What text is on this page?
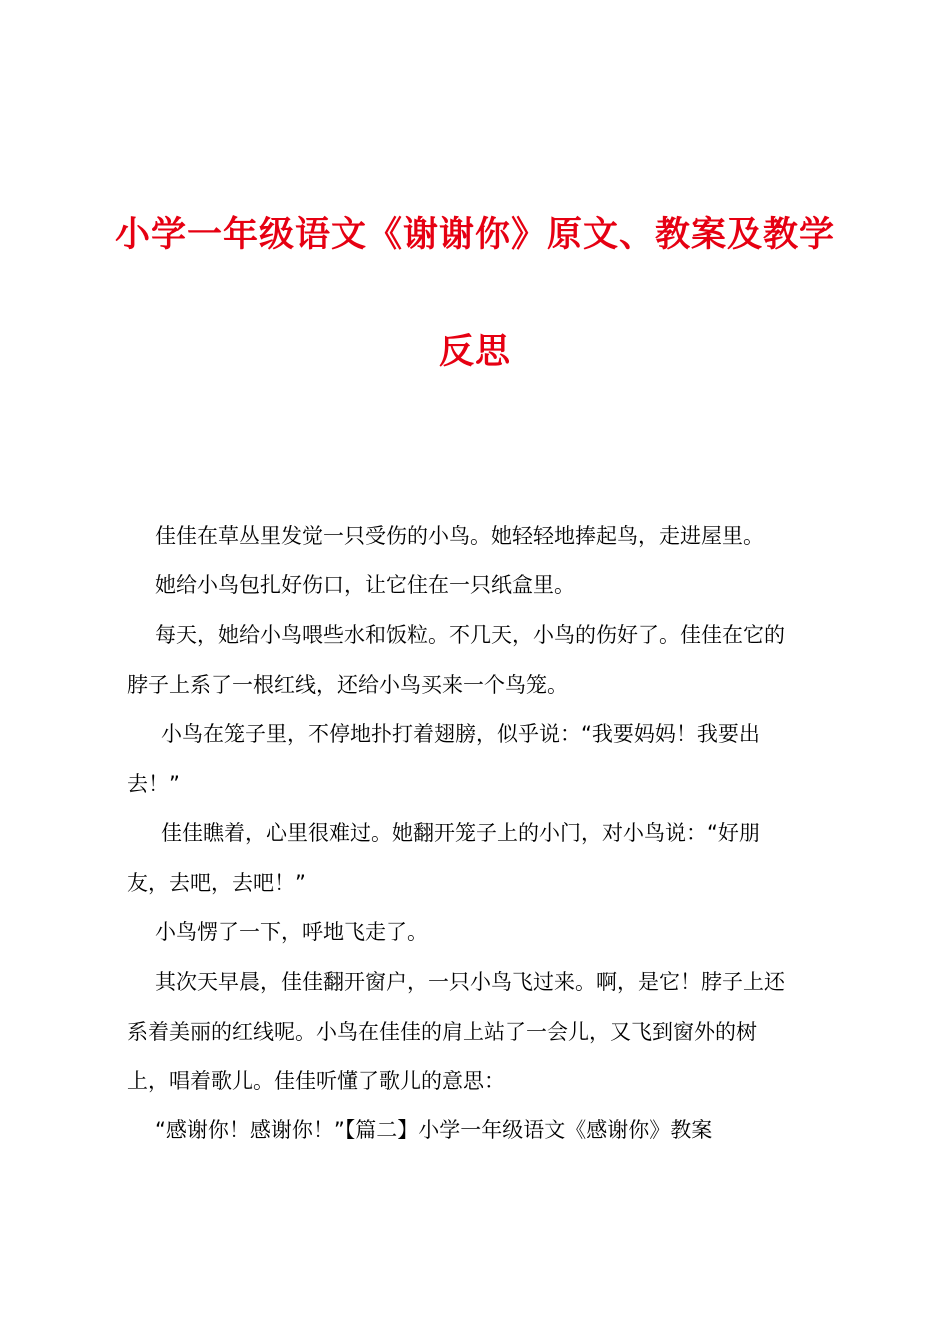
小学一年级语文《谢谢你》原文、教案及教学
反思
佳佳在草丛里发觉一只受伤的小鸟。她轻轻地捧起鸟，走进屋里。
她给小鸟包扎好伤口，让它住在一只纸盒里。
每天，她给小鸟喂些水和饭粒。不几天，小鸟的伤好了。佳佳在它的
脖子上系了一根红线，还给小鸟买来一个鸟笼。
小鸟在笼子里，不停地扑打着翅膀，似乎说：“我要妈妈！我要出
去！”
佳佳瞧着，心里很难过。她翻开笼子上的小门，对小鸟说：“好朋
友，去吧，去吧！”
小鸟愣了一下，呼地飞走了。
其次天早晨，佳佳翻开窗户，一只小鸟飞过来。啊，是它！脖子上还
系着美丽的红线呢。小鸟在佳佳的肩上站了一会儿，又飞到窗外的树
上，唱着歌儿。佳佳听懂了歌儿的意思：
“感谢你！感谢你！”【篇二】小学一年级语文《感谢你》教案
